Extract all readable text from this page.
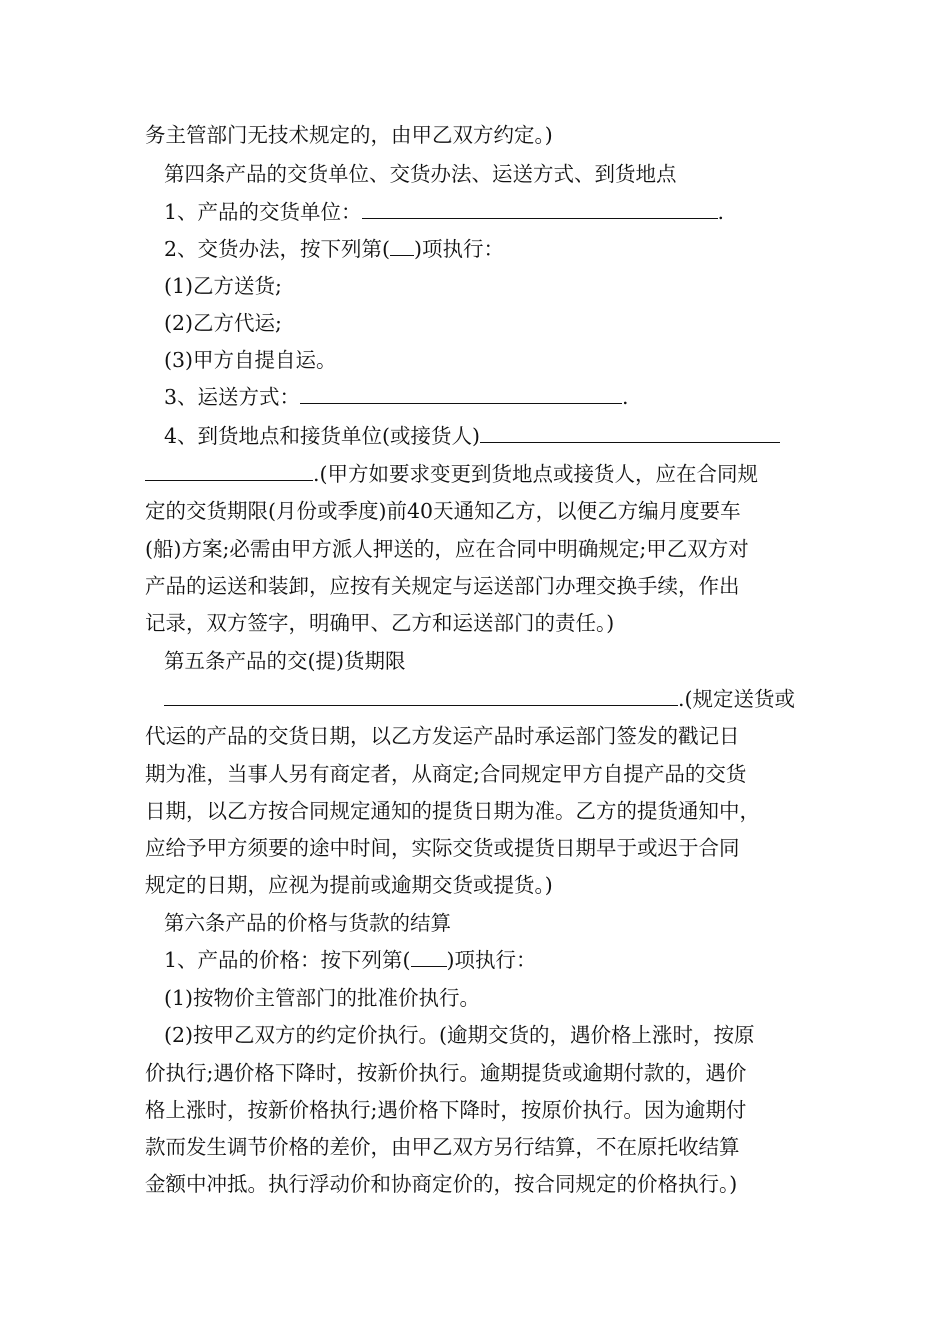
务主管部门无技术规定的，由甲乙双方约定。)
第四条产品的交货单位、交货办法、运送方式、到货地点
1、产品的交货单位：	.
2、交货办法，按下列第( )项执行：
(1)乙方送货;
(2)乙方代运;
(3)甲方自提自运。
3、运送方式：	.
4、到货地点和接货单位(或接货人)
.(甲方如要求变更到货地点或接货人，应在合同规
定的交货期限(月份或季度)前40天通知乙方，以便乙方编月度要车
(船)方案;必需由甲方派人押送的，应在合同中明确规定;甲乙双方对
产品的运送和装卸，应按有关规定与运送部门办理交换手续，作出
记录，双方签字，明确甲、乙方和运送部门的责任。)
第五条产品的交(提)货期限
.(规定送货或
代运的产品的交货日期，以乙方发运产品时承运部门签发的戳记日
期为准，当事人另有商定者，从商定;合同规定甲方自提产品的交货
日期，以乙方按合同规定通知的提货日期为准。乙方的提货通知中，
应给予甲方须要的途中时间，实际交货或提货日期早于或迟于合同
规定的日期，应视为提前或逾期交货或提货。)
第六条产品的价格与货款的结算
1、产品的价格：按下列第( )项执行：
(1)按物价主管部门的批准价执行。
(2)按甲乙双方的约定价执行。(逾期交货的，遇价格上涨时，按原
价执行;遇价格下降时，按新价执行。逾期提货或逾期付款的，遇价
格上涨时，按新价格执行;遇价格下降时，按原价执行。因为逾期付
款而发生调节价格的差价，由甲乙双方另行结算，不在原托收结算
金额中冲抵。执行浮动价和协商定价的，按合同规定的价格执行。)
